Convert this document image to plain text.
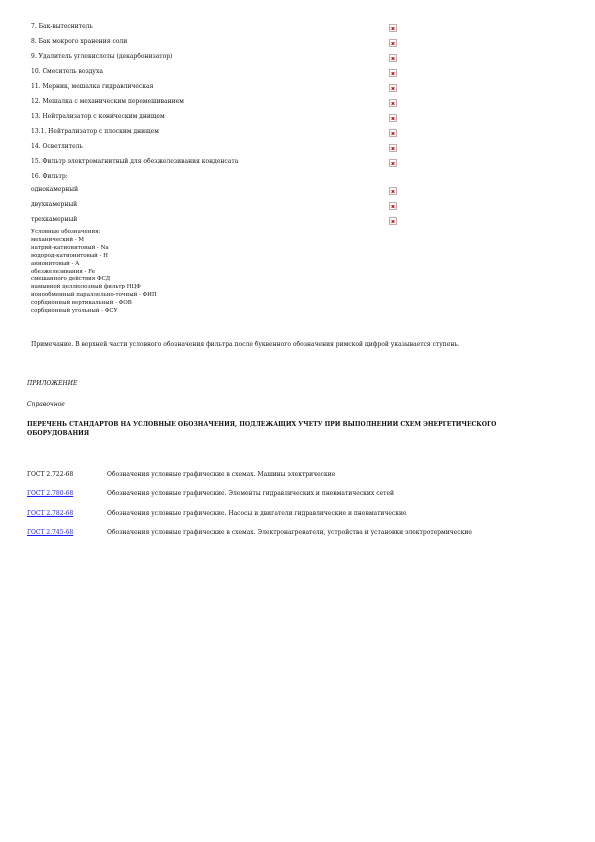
7. Бак-вытеснитель
8. Бак мокрого хранения соли
9. Удалитель углекислоты (декарбонизатор)
10. Смеситель воздуха
11. Мерник, мешалка гидравлическая
12. Мешалка с механическим перемешиванием
13. Нейтрализатор с коническим днищем
13.1. Нейтрализатор с плоским днищем
14. Осветлитель
15. Фильтр электромагнитный для обезжелезивания конденсата
16. Фильтр:
однокамерный
двухкамерный
трехкамерный
Условные обозначения:
механический - М
натрий-катионитовый - Na
водород-катионитовый - Н
анионитовый - А
обезжелезивания - Fe
смешанного действия ФСД
намывной целлюлозный фильтр НЦФ
ионообменный параллельно-точный - ФИП
сорбционный вертикальный - ФОВ
сорбционный угольный - ФСУ
Примечание. В верхней части условного обозначения фильтра после буквенного обозначения римской цифрой указывается ступень.
ПРИЛОЖЕНИЕ
Справочное
ПЕРЕЧЕНЬ СТАНДАРТОВ НА УСЛОВНЫЕ ОБОЗНАЧЕНИЯ, ПОДЛЕЖАЩИХ УЧЕТУ ПРИ ВЫПОЛНЕНИИ СХЕМ ЭНЕРГЕТИЧЕСКОГО ОБОРУДОВАНИЯ
ГОСТ 2.722-68	Обозначения условные графические в схемах. Машины электрические
ГОСТ 2.780-68	Обозначения условные графические. Элементы гидравлических и пневматических сетей
ГОСТ 2.782-68	Обозначения условные графические. Насосы и двигатели гидравлические и пневматические
ГОСТ 2.745-68	Обозначения условные графические в схемах. Электронагреватели, устройства и установки электротермические
